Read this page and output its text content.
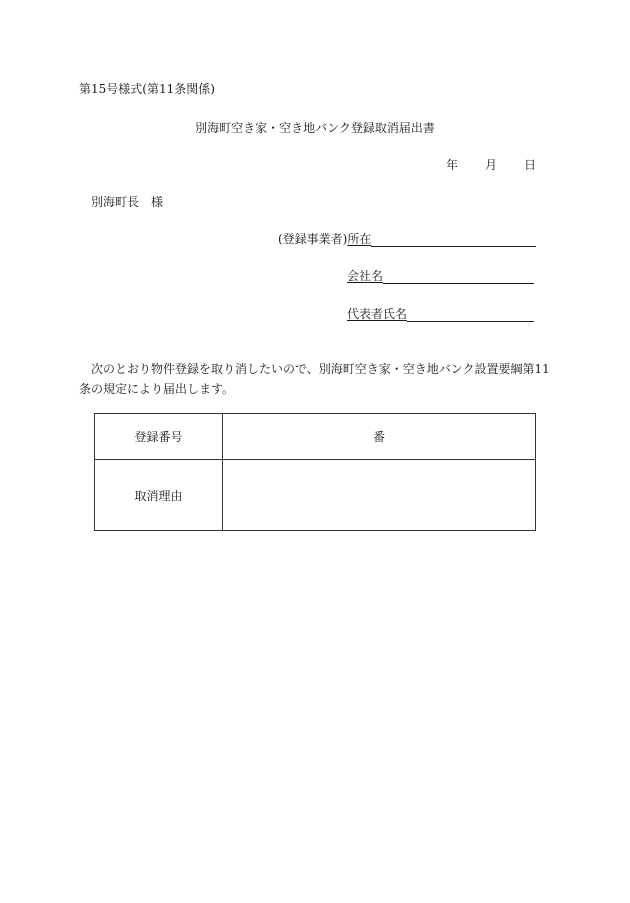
第15号様式(第11条関係)
別海町空き家・空き地バンク登録取消届出書
年 月 日
別海町長　様
(登録事業者) 所在
会社名
代表者氏名
次のとおり物件登録を取り消したいので、別海町空き家・空き地バンク設置要綱第11条の規定により届出します。
登録番号	番
取消理由	
